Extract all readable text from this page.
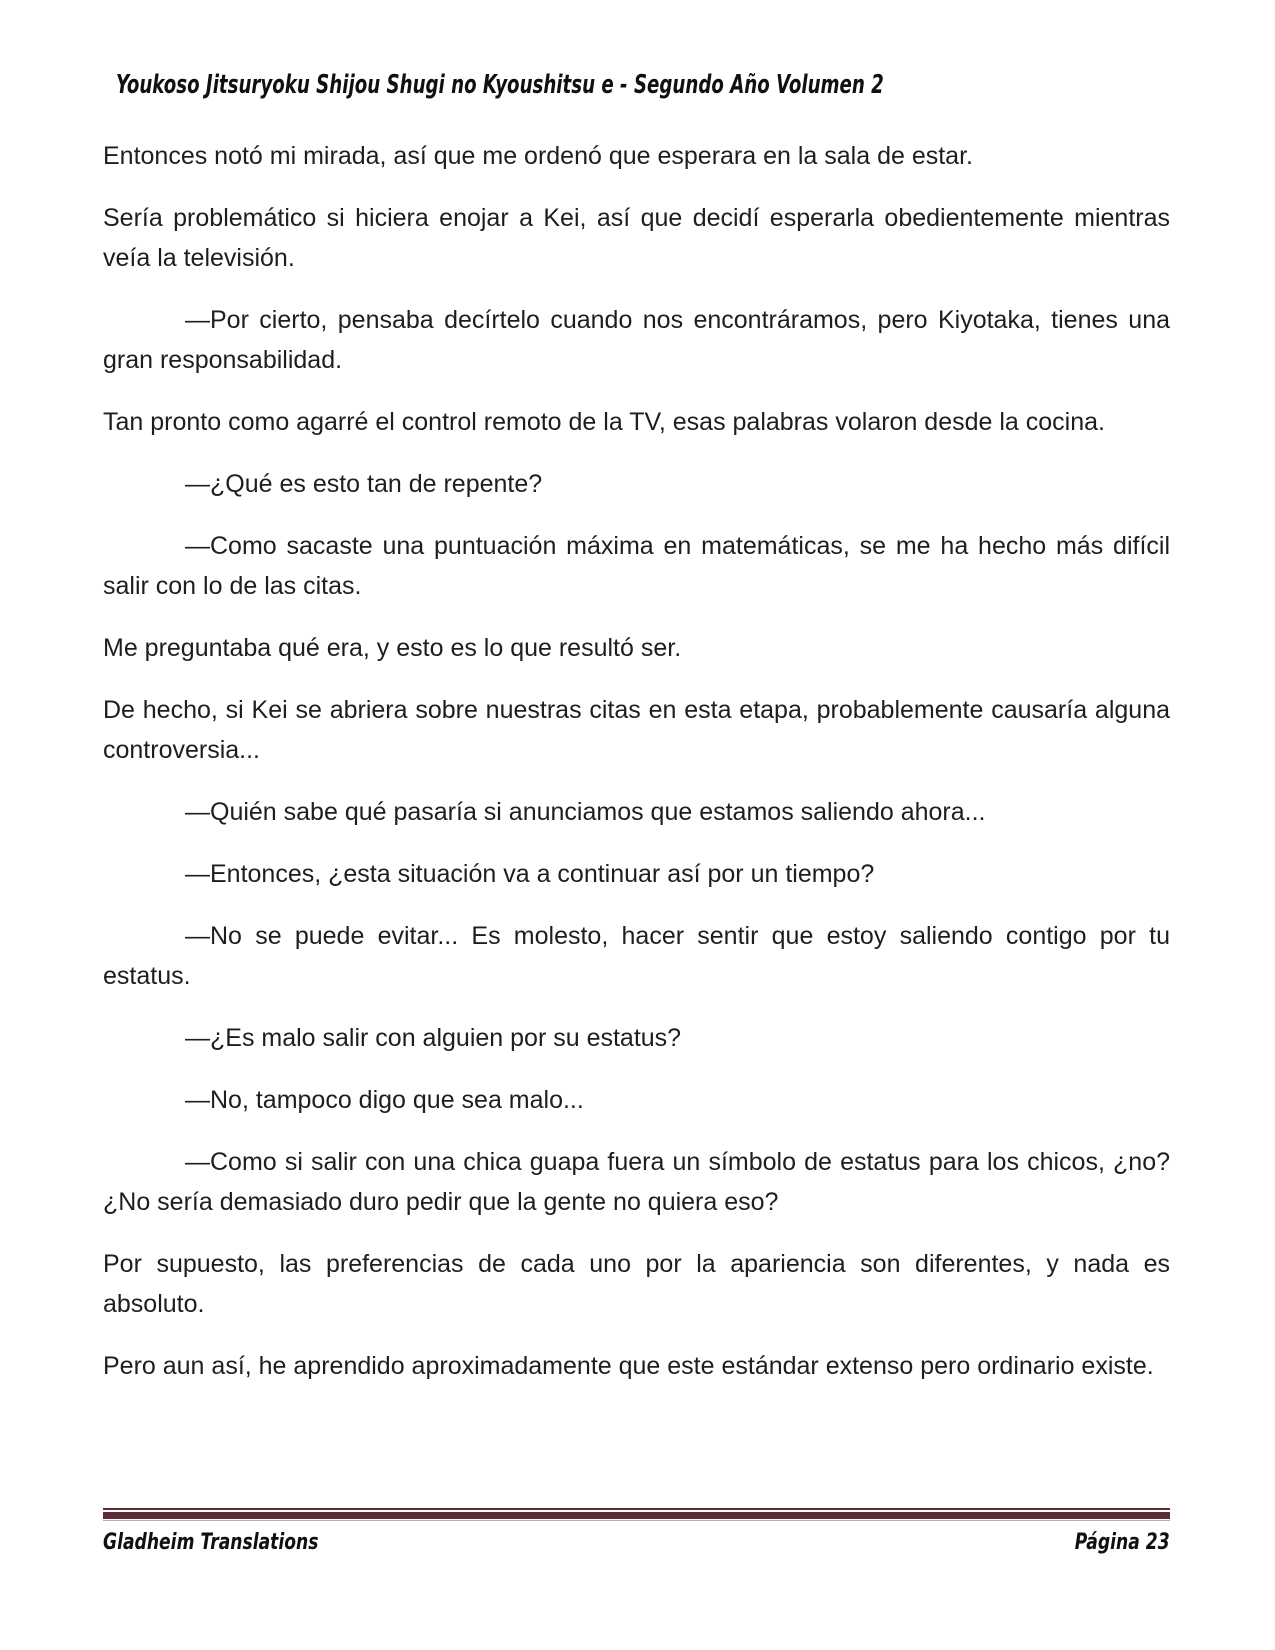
Youkoso Jitsuryoku Shijou Shugi no Kyoushitsu e - Segundo Año Volumen 2

Entonces notó mi mirada, así que me ordenó que esperara en la sala de estar.

Sería problemático si hiciera enojar a Kei, así que decidí esperarla obedientemente mientras veía la televisión.

—Por cierto, pensaba decírtelo cuando nos encontráramos, pero Kiyotaka, tienes una gran responsabilidad.

Tan pronto como agarré el control remoto de la TV, esas palabras volaron desde la cocina.

—¿Qué es esto tan de repente?

—Como sacaste una puntuación máxima en matemáticas, se me ha hecho más difícil salir con lo de las citas.

Me preguntaba qué era, y esto es lo que resultó ser.

De hecho, si Kei se abriera sobre nuestras citas en esta etapa, probablemente causaría alguna controversia...

—Quién sabe qué pasaría si anunciamos que estamos saliendo ahora...

—Entonces, ¿esta situación va a continuar así por un tiempo?

—No se puede evitar... Es molesto, hacer sentir que estoy saliendo contigo por tu estatus.

—¿Es malo salir con alguien por su estatus?

—No, tampoco digo que sea malo...

—Como si salir con una chica guapa fuera un símbolo de estatus para los chicos, ¿no? ¿No sería demasiado duro pedir que la gente no quiera eso?

Por supuesto, las preferencias de cada uno por la apariencia son diferentes, y nada es absoluto.

Pero aun así, he aprendido aproximadamente que este estándar extenso pero ordinario existe.

Gladheim Translations	Página 23
